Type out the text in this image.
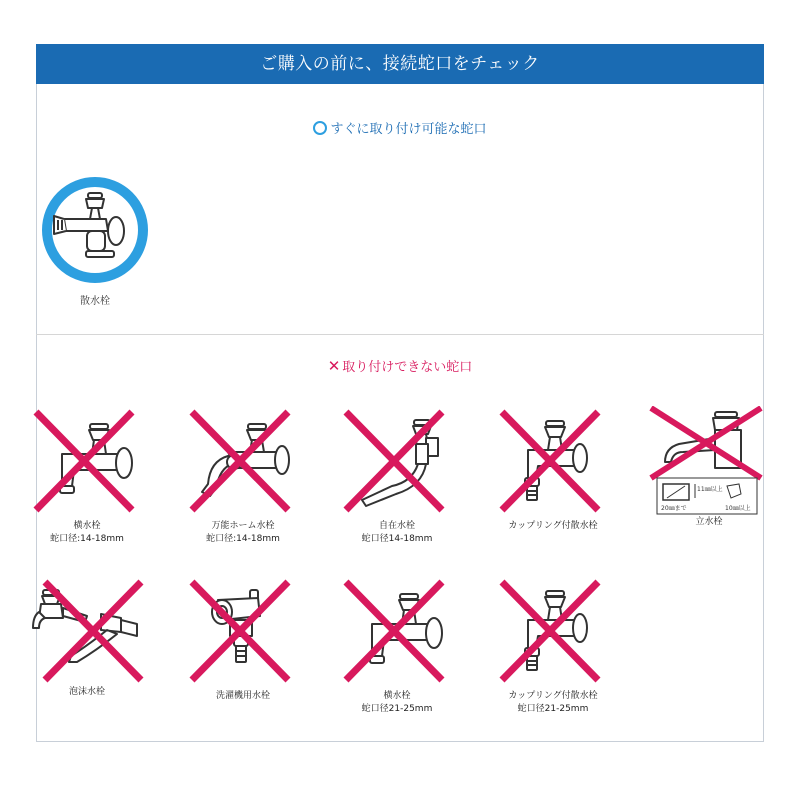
ご購入の前に、接続蛇口をチェック
すぐに取り付け可能な蛇口
散水栓
✕ 取り付けできない蛇口
横水栓
蛇口径:14-18mm
万能ホーム水栓
蛇口径:14-18mm
自在水栓
蛇口径14-18mm
カップリング付散水栓
11㎜以上
20㎜まで	10㎜以上
立水栓
泡沫水栓	洗濯機用水栓	横水栓
蛇口径21-25mm
カップリング付散水栓
蛇口径21-25mm
